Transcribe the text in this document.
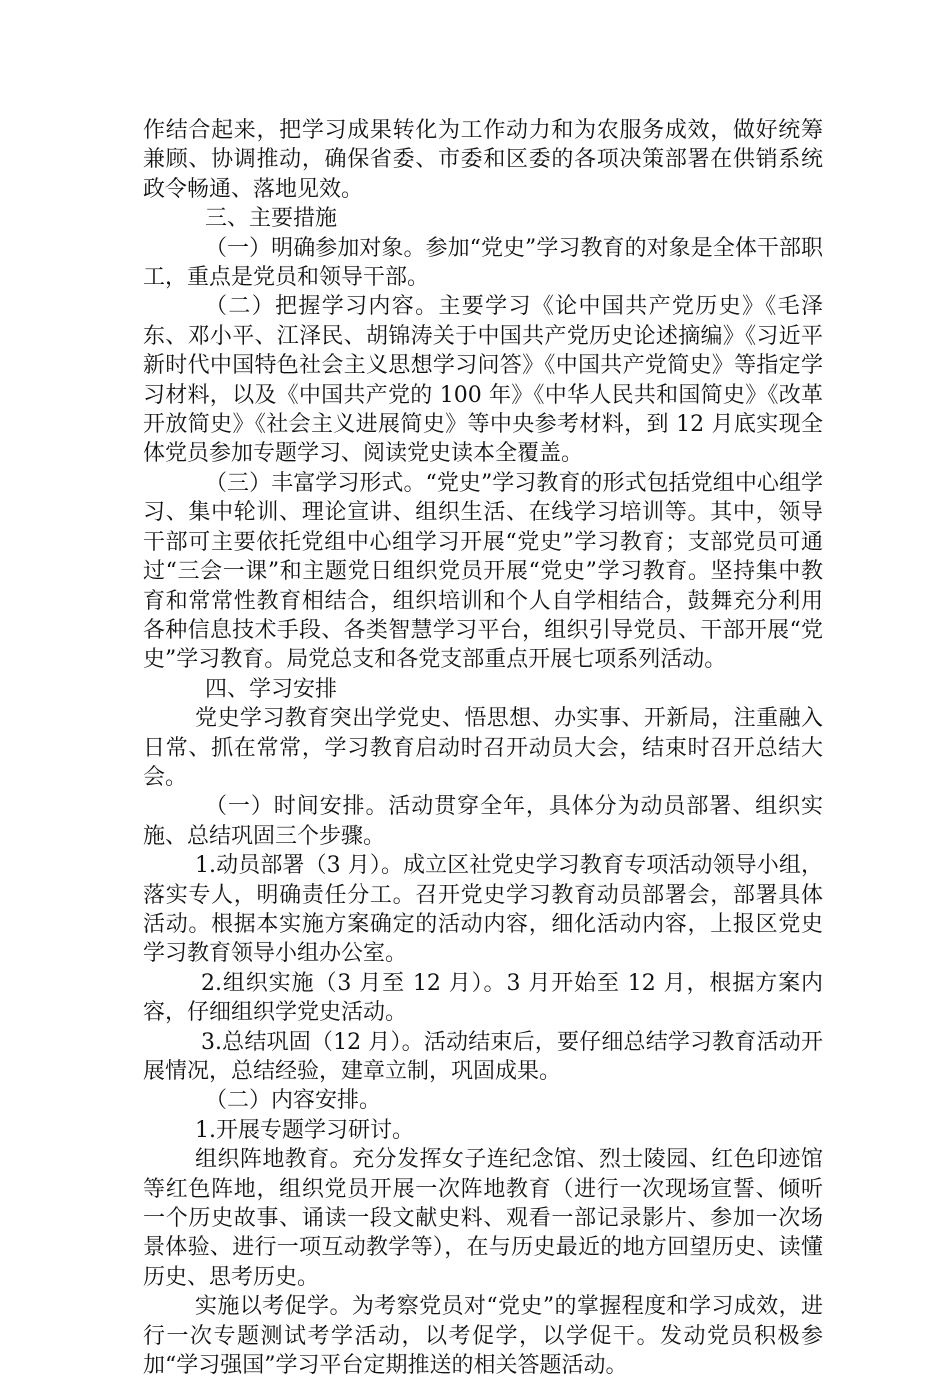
作结合起来，把学习成果转化为工作动力和为农服务成效，做好统筹兼顾、协调推动，确保省委、市委和区委的各项决策部署在供销系统政令畅通、落地见效。

三、主要措施

（一）明确参加对象。参加“党史”学习教育的对象是全体干部职工，重点是党员和领导干部。

（二）把握学习内容。主要学习《论中国共产党历史》《毛泽东、邓小平、江泽民、胡锦涛关于中国共产党历史论述摘编》《习近平新时代中国特色社会主义思想学习问答》《中国共产党简史》等指定学习材料，以及《中国共产党的 100 年》《中华人民共和国简史》《改革开放简史》《社会主义进展简史》等中央参考材料，到 12 月底实现全体党员参加专题学习、阅读党史读本全覆盖。

（三）丰富学习形式。“党史”学习教育的形式包括党组中心组学习、集中轮训、理论宣讲、组织生活、在线学习培训等。其中，领导干部可主要依托党组中心组学习开展“党史”学习教育；支部党员可通过“三会一课”和主题党日组织党员开展“党史”学习教育。坚持集中教育和常常性教育相结合，组织培训和个人自学相结合，鼓舞充分利用各种信息技术手段、各类智慧学习平台，组织引导党员、干部开展“党史”学习教育。局党总支和各党支部重点开展七项系列活动。

四、学习安排

党史学习教育突出学党史、悟思想、办实事、开新局，注重融入日常、抓在常常，学习教育启动时召开动员大会，结束时召开总结大会。

（一）时间安排。活动贯穿全年，具体分为动员部署、组织实施、总结巩固三个步骤。

1.动员部署（3 月）。成立区社党史学习教育专项活动领导小组，落实专人，明确责任分工。召开党史学习教育动员部署会，部署具体活动。根据本实施方案确定的活动内容，细化活动内容，上报区党史学习教育领导小组办公室。

2.组织实施（3 月至 12 月）。3 月开始至 12 月，根据方案内容，仔细组织学党史活动。

3.总结巩固（12 月）。活动结束后，要仔细总结学习教育活动开展情况，总结经验，建章立制，巩固成果。

（二）内容安排。

1.开展专题学习研讨。

组织阵地教育。充分发挥女子连纪念馆、烈士陵园、红色印迹馆等红色阵地，组织党员开展一次阵地教育（进行一次现场宣誓、倾听一个历史故事、诵读一段文献史料、观看一部记录影片、参加一次场景体验、进行一项互动教学等），在与历史最近的地方回望历史、读懂历史、思考历史。

实施以考促学。为考察党员对“党史”的掌握程度和学习成效，进行一次专题测试考学活动，以考促学，以学促干。发动党员积极参加“学习强国”学习平台定期推送的相关答题活动。
